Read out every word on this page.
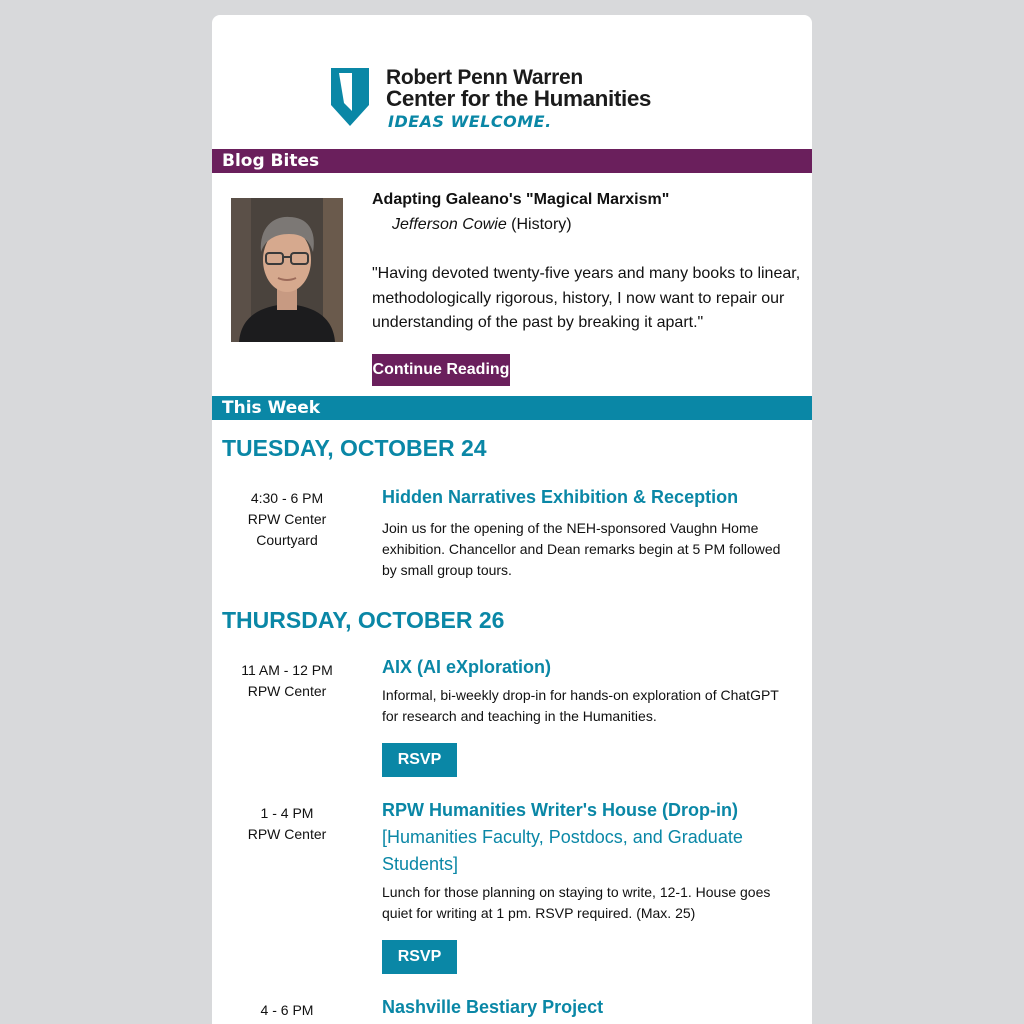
Robert Penn Warren
Center for the Humanities
IDEAS WELCOME.
Blog Bites
Adapting Galeano's "Magical Marxism"
Jefferson Cowie (History)
"Having devoted twenty-five years and many books to linear, methodologically rigorous, history, I now want to repair our understanding of the past by breaking it apart."
Continue Reading
This Week
TUESDAY, OCTOBER 24
4:30 - 6 PM
RPW Center Courtyard
Hidden Narratives Exhibition & Reception
Join us for the opening of the NEH-sponsored Vaughn Home exhibition. Chancellor and Dean remarks begin at 5 PM followed by small group tours.
THURSDAY, OCTOBER 26
11 AM - 12 PM
RPW Center
AIX (AI eXploration)
Informal, bi-weekly drop-in for hands-on exploration of ChatGPT for research and teaching in the Humanities.
RSVP
1 - 4 PM
RPW Center
RPW Humanities Writer's House (Drop-in)
[Humanities Faculty, Postdocs, and Graduate Students]
Lunch for those planning on staying to write, 12-1. House goes quiet for writing at 1 pm. RSVP required. (Max. 25)
RSVP
4 - 6 PM	Nashville Bestiary Project
